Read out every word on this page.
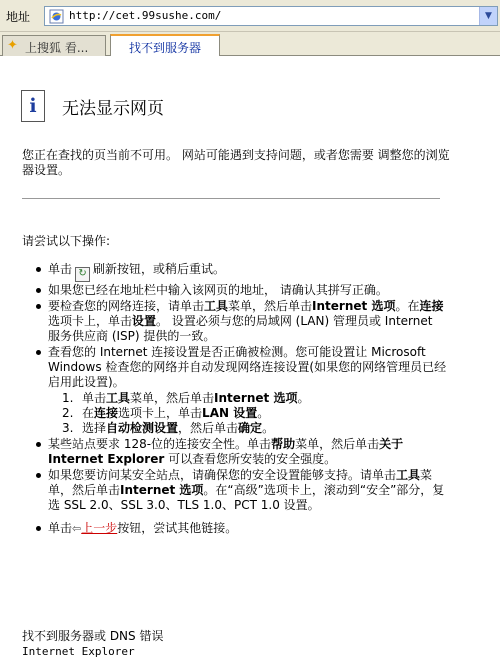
地址	http://cet.99sushe.com/	▼
✦ 上搜狐 看...	找不到服务器
i 无法显示网页
您正在查找的页当前不可用。 网站可能遇到支持问题，或者您需要 调整您的浏览器设置。
请尝试以下操作:
单击 ↻ 刷新按钮，或稍后重试。
如果您已经在地址栏中输入该网页的地址， 请确认其拼写正确。
要检查您的网络连接，请单击工具菜单，然后单击Internet 选项。在连接选项卡上，单击设置。 设置必须与您的局域网 (LAN) 管理员或 Internet 服务供应商 (ISP) 提供的一致。
查看您的 Internet 连接设置是否正确被检测。您可能设置让 Microsoft Windows 检查您的网络并自动发现网络连接设置(如果您的网络管理员已经启用此设置)。
1. 单击工具菜单，然后单击Internet 选项。
2. 在连接选项卡上，单击LAN 设置。
3. 选择自动检测设置，然后单击确定。
某些站点要求 128-位的连接安全性。单击帮助菜单，然后单击关于 Internet Explorer 可以查看您所安装的安全强度。
如果您要访问某安全站点，请确保您的安全设置能够支持。请单击工具菜单，然后单击Internet 选项。在“高级”选项卡上，滚动到“安全”部分，复选 SSL 2.0、SSL 3.0、TLS 1.0、PCT 1.0 设置。
单击⇦上一步按钮，尝试其他链接。
找不到服务器或 DNS 错误
Internet Explorer
